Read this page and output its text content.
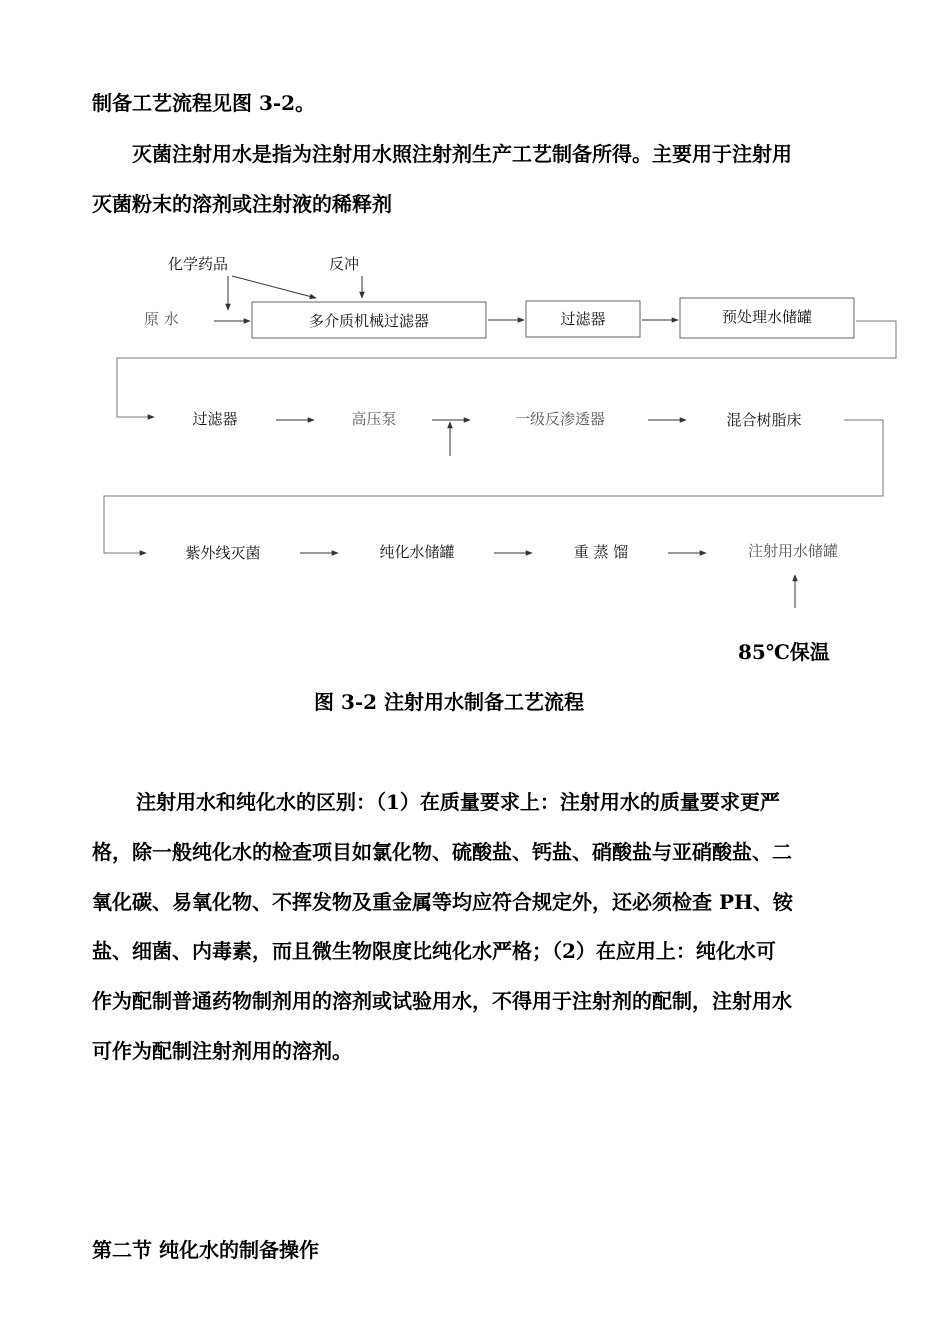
制备工艺流程见图 3-2。
灭菌注射用水是指为注射用水照注射剂生产工艺制备所得。主要用于注射用
灭菌粉末的溶剂或注射液的稀释剂
化学药品	反冲
原 水	多介质机械过滤器	过滤器	预处理水储罐
过滤器	高压泵	一级反渗透器	混合树脂床
紫外线灭菌	纯化水储罐	重 蒸 馏	注射用水储罐
85℃保温
图 3-2 注射用水制备工艺流程
注射用水和纯化水的区别：（1）在质量要求上：注射用水的质量要求更严
格，除一般纯化水的检查项目如氯化物、硫酸盐、钙盐、硝酸盐与亚硝酸盐、二
氧化碳、易氧化物、不挥发物及重金属等均应符合规定外，还必须检查 PH、铵
盐、细菌、内毒素，而且微生物限度比纯化水严格；（2）在应用上：纯化水可
作为配制普通药物制剂用的溶剂或试验用水，不得用于注射剂的配制，注射用水
可作为配制注射剂用的溶剂。
第二节 纯化水的制备操作
